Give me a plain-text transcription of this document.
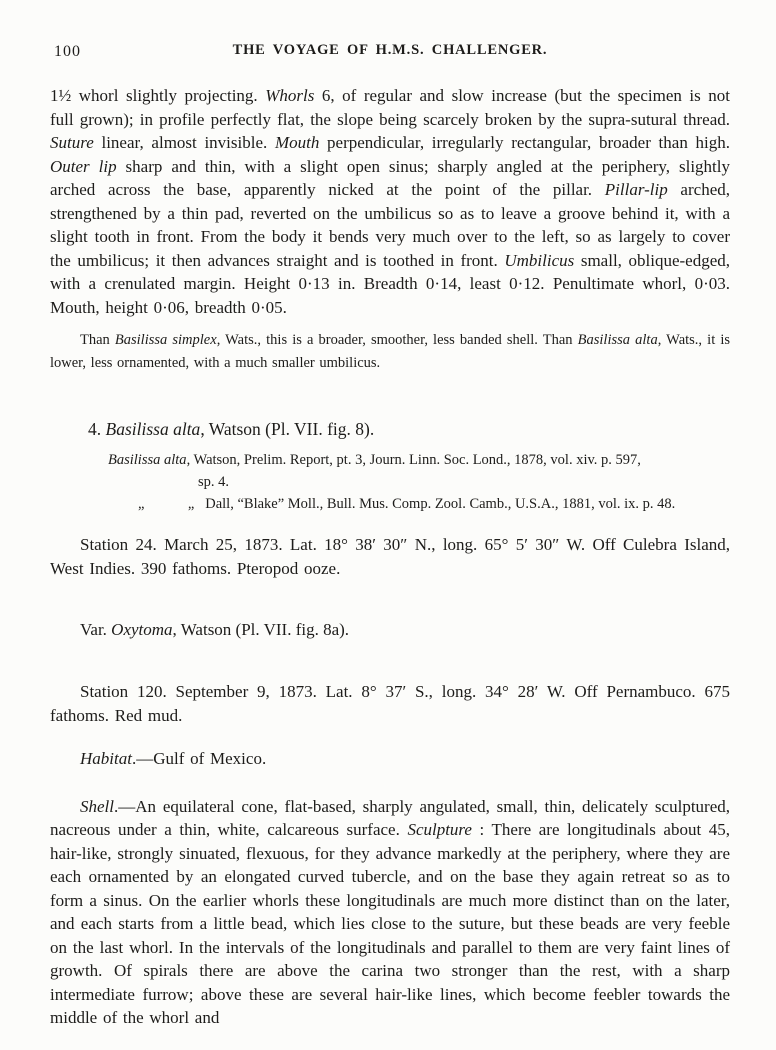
100	THE VOYAGE OF H.M.S. CHALLENGER.

1½ whorl slightly projecting. Whorls 6, of regular and slow increase (but the specimen is not full grown); in profile perfectly flat, the slope being scarcely broken by the supra-sutural thread. Suture linear, almost invisible. Mouth perpendicular, irregularly rectangular, broader than high. Outer lip sharp and thin, with a slight open sinus; sharply angled at the periphery, slightly arched across the base, apparently nicked at the point of the pillar. Pillar-lip arched, strengthened by a thin pad, reverted on the umbilicus so as to leave a groove behind it, with a slight tooth in front. From the body it bends very much over to the left, so as largely to cover the umbilicus; it then advances straight and is toothed in front. Umbilicus small, oblique-edged, with a crenulated margin. Height 0·13 in. Breadth 0·14, least 0·12. Penultimate whorl, 0·03. Mouth, height 0·06, breadth 0·05.

Than Basilissa simplex, Wats., this is a broader, smoother, less banded shell. Than Basilissa alta, Wats., it is lower, less ornamented, with a much smaller umbilicus.

4. Basilissa alta, Watson (Pl. VII. fig. 8).
Basilissa alta, Watson, Prelim. Report, pt. 3, Journ. Linn. Soc. Lond., 1878, vol. xiv. p. 597,
sp. 4.
„   „  Dall, “Blake” Moll., Bull. Mus. Comp. Zool. Camb., U.S.A., 1881, vol. ix. p. 48.

Station 24. March 25, 1873. Lat. 18° 38′ 30″ N., long. 65° 5′ 30″ W. Off Culebra Island, West Indies. 390 fathoms. Pteropod ooze.

Var. Oxytoma, Watson (Pl. VII. fig. 8a).

Station 120. September 9, 1873. Lat. 8° 37′ S., long. 34° 28′ W. Off Pernambuco. 675 fathoms. Red mud.

Habitat.—Gulf of Mexico.

Shell.—An equilateral cone, flat-based, sharply angulated, small, thin, delicately sculptured, nacreous under a thin, white, calcareous surface. Sculpture : There are longitudinals about 45, hair-like, strongly sinuated, flexuous, for they advance markedly at the periphery, where they are each ornamented by an elongated curved tubercle, and on the base they again retreat so as to form a sinus. On the earlier whorls these longitudinals are much more distinct than on the later, and each starts from a little bead, which lies close to the suture, but these beads are very feeble on the last whorl. In the intervals of the longitudinals and parallel to them are very faint lines of growth. Of spirals there are above the carina two stronger than the rest, with a sharp intermediate furrow; above these are several hair-like lines, which become feebler towards the middle of the whorl and
